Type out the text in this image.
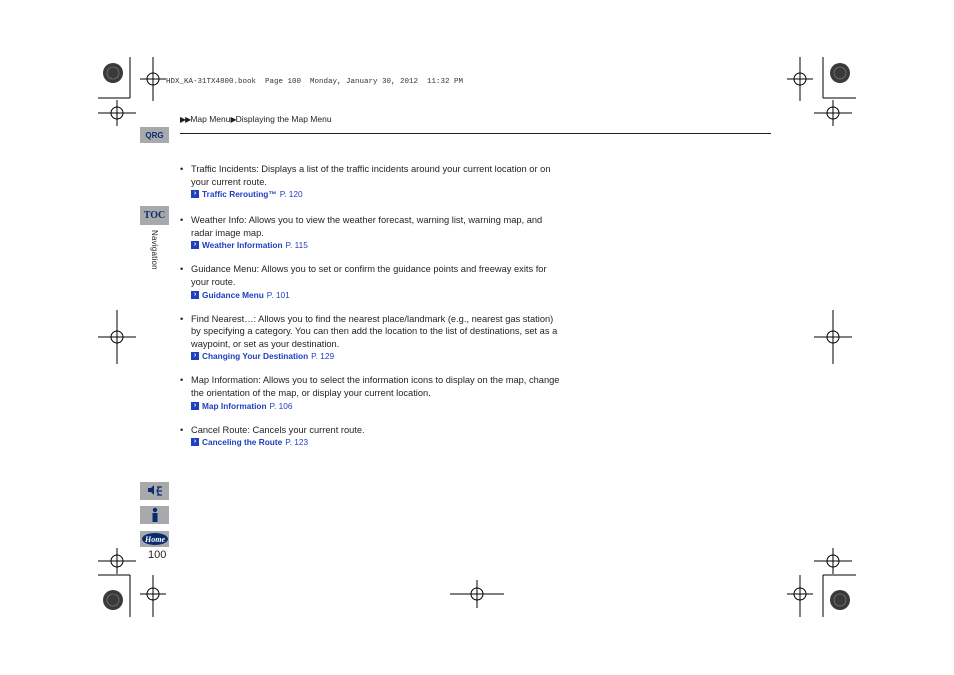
HDX_KA-31TX4800.book  Page 100  Monday, January 30, 2012  11:32 PM
▶▶Map Menu▶Displaying the Map Menu
QRG
TOC
Navigation
• Traffic Incidents: Displays a list of the traffic incidents around your current location or on your current route.
› Traffic Rerouting™ P. 120
• Weather Info: Allows you to view the weather forecast, warning list, warning map, and radar image map.
› Weather Information P. 115
• Guidance Menu: Allows you to set or confirm the guidance points and freeway exits for your route.
› Guidance Menu P. 101
• Find Nearest…: Allows you to find the nearest place/landmark (e.g., nearest gas station) by specifying a category. You can then add the location to the list of destinations, set as a waypoint, or set as your destination.
› Changing Your Destination P. 129
• Map Information: Allows you to select the information icons to display on the map, change the orientation of the map, or display your current location.
› Map Information P. 106
• Cancel Route: Cancels your current route.
› Canceling the Route P. 123
Home
100
